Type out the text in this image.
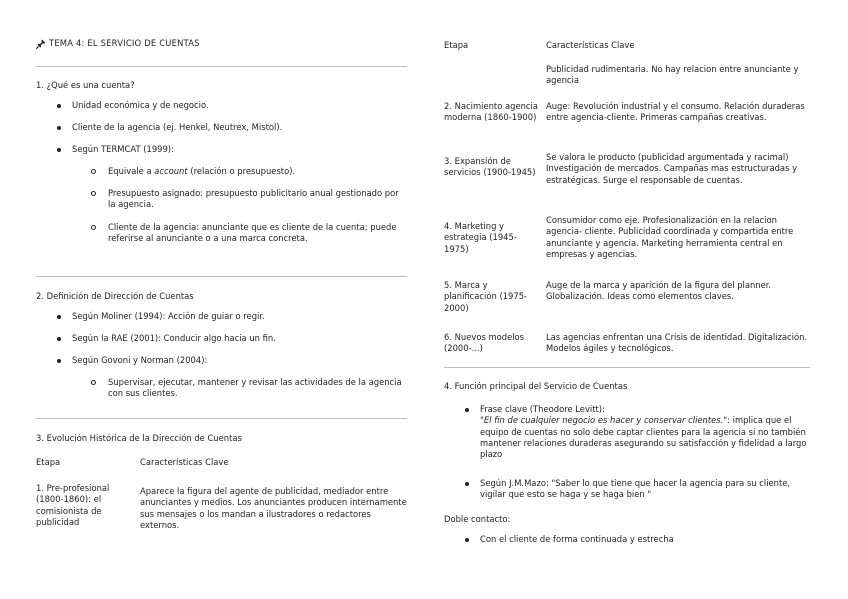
TEMA 4: EL SERVICIO DE CUENTAS
1. ¿Qué es una cuenta?
Unidad económica y de negocio.
Cliente de la agencia (ej. Henkel, Neutrex, Mistol).
Según TERMCAT (1999):
Equivale a account (relación o presupuesto).
Presupuesto asignado: presupuesto publicitario anual gestionado por la agencia.
Cliente de la agencia: anunciante que es cliente de la cuenta; puede referirse al anunciante o a una marca concreta.
2. Definición de Dirección de Cuentas
Según Moliner (1994): Acción de guiar o regir.
Según la RAE (2001): Conducir algo hacia un fin.
Según Govoni y Norman (2004):
Supervisar, ejecutar, mantener y revisar las actividades de la agencia con sus clientes.
3. Evolución Histórica de la Dirección de Cuentas
Etapa	Características Clave
1. Pre-profesional (1800-1860): el comisionista de publicidad
Aparece la figura del agente de publicidad, mediador entre anunciantes y medios. Los anunciantes producen internamente sus mensajes o los mandan a ilustradores o redactores externos.
Etapa	Características Clave
Publicidad rudimentaria. No hay relacion entre anunciante y agencia
2. Nacimiento agencia moderna (1860-1900)
Auge: Revolución industrial y el consumo. Relación duraderas entre agencia-cliente. Primeras campañas creativas.
3. Expansión de servicios (1900-1945)
Se valora le producto (publicidad argumentada y racimal) Investigación de mercados. Campañas mas estructuradas y estratégicas. Surge el responsable de cuentas.
4. Marketing y estrategia (1945-1975)
Consumidor como eje. Profesionalización en la relacion agencia- cliente. Publicidad coordinada y compartida entre anunciante y agencia. Marketing herramienta central en empresas y agencias.
5. Marca y planificación (1975-2000)
Auge de la marca y aparición de la figura del planner. Globalización. Ideas como elementos claves.
6. Nuevos modelos (2000-...)
Las agencias enfrentan una Crisis de identidad. Digitalización. Modelos ágiles y tecnológicos.
4. Función principal del Servicio de Cuentas
Frase clave (Theodore Levitt):
"El fin de cualquier negocio es hacer y conservar clientes.": implica que el equipo de cuentas no solo debe captar clientes para la agencia si no también mantener relaciones duraderas asegurando su satisfacción y fidelidad a largo plazo
Según J.M.Mazo: "Saber lo que tiene que hacer la agencia para su cliente, vigilar que esto se haga y se haga bien "
Doble contacto:
Con el cliente de forma continuada y estrecha
